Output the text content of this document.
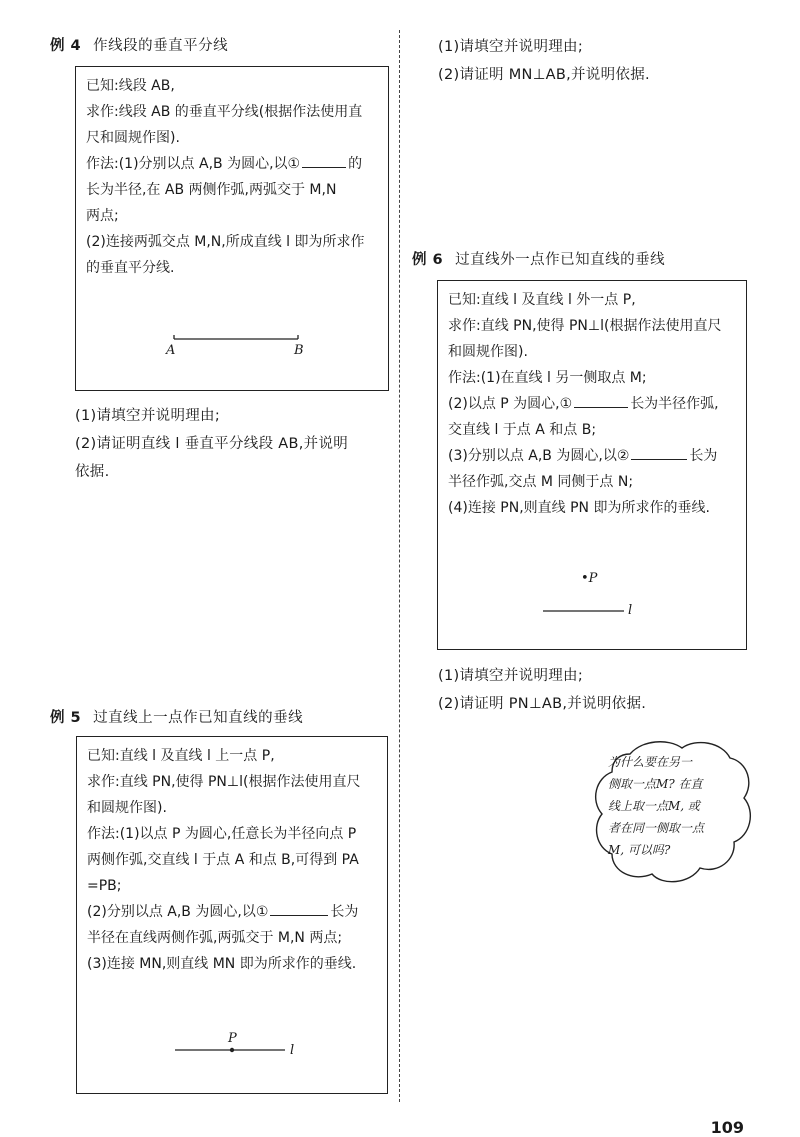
例 4 作线段的垂直平分线

已知:线段 AB,

求作:线段 AB 的垂直平分线(根据作法使用直

尺和圆规作图).

作法:(1)分别以点 A,B 为圆心,以①	的

长为半径,在 AB 两侧作弧,两弧交于 M,N

两点;

(2)连接两弧交点 M,N,所成直线 l 即为所求作

的垂直平分线.

A	B

(1)请填空并说明理由;

(2)请证明直线 l 垂直平分线段 AB,并说明

依据.

例 5 过直线上一点作已知直线的垂线

已知:直线 l 及直线 l 上一点 P,

求作:直线 PN,使得 PN⊥l(根据作法使用直尺

和圆规作图).

作法:(1)以点 P 为圆心,任意长为半径向点 P

两侧作弧,交直线 l 于点 A 和点 B,可得到 PA

=PB;

(2)分别以点 A,B 为圆心,以①	长为

半径在直线两侧作弧,两弧交于 M,N 两点;

(3)连接 MN,则直线 MN 即为所求作的垂线.

P
l

(1)请填空并说明理由;

(2)请证明 MN⊥AB,并说明依据.

例 6 过直线外一点作已知直线的垂线

已知:直线 l 及直线 l 外一点 P,

求作:直线 PN,使得 PN⊥l(根据作法使用直尺

和圆规作图).

作法:(1)在直线 l 另一侧取点 M;

(2)以点 P 为圆心,①	长为半径作弧,

交直线 l 于点 A 和点 B;

(3)分别以点 A,B 为圆心,以②	长为

半径作弧,交点 M 同侧于点 N;

(4)连接 PN,则直线 PN 即为所求作的垂线.

•P
l

(1)请填空并说明理由;

(2)请证明 PN⊥AB,并说明依据.

为什么要在另一
侧取一点M? 在直
线上取一点M, 或
者在同一侧取一点
M, 可以吗?
109
